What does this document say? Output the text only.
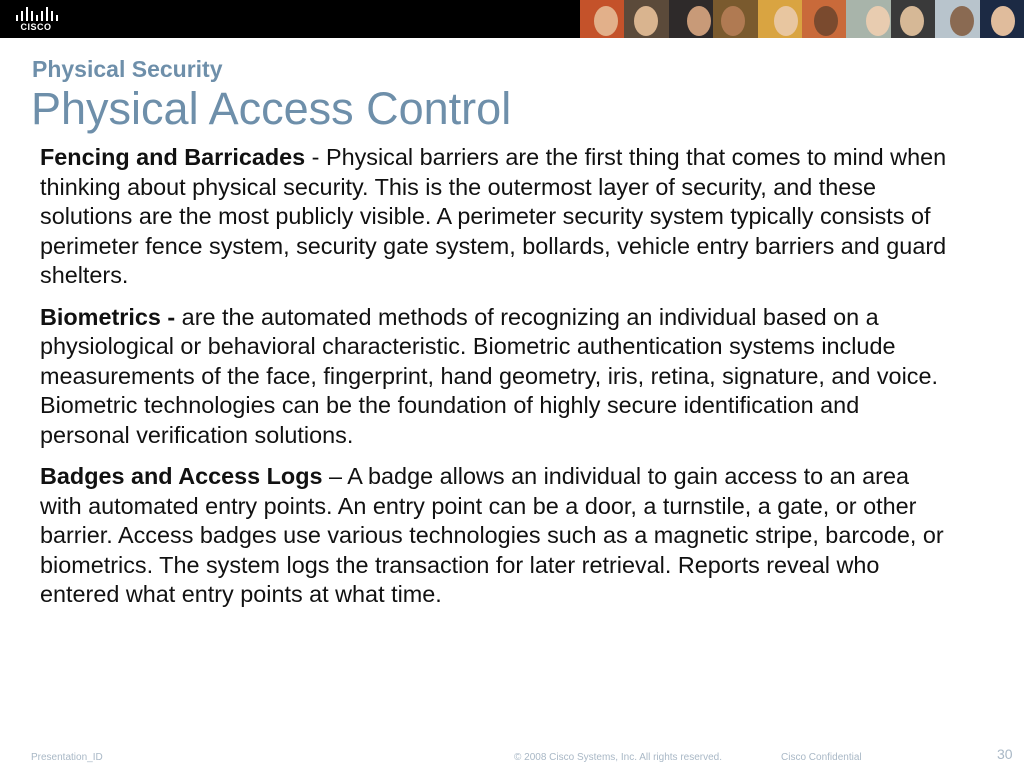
CISCO
Physical Security
Physical Access Control

Fencing and Barricades - Physical barriers are the first thing that comes to mind when thinking about physical security. This is the outermost layer of security, and these solutions are the most publicly visible. A perimeter security system typically consists of perimeter fence system, security gate system, bollards, vehicle entry barriers and guard shelters.

Biometrics - are the automated methods of recognizing an individual based on a physiological or behavioral characteristic. Biometric authentication systems include measurements of the face, fingerprint, hand geometry, iris, retina, signature, and voice. Biometric technologies can be the foundation of highly secure identification and personal verification solutions.

Badges and Access Logs – A badge allows an individual to gain access to an area with automated entry points. An entry point can be a door, a turnstile, a gate, or other barrier. Access badges use various technologies such as a magnetic stripe, barcode, or biometrics. The system logs the transaction for later retrieval. Reports reveal who entered what entry points at what time.

Presentation_ID	© 2008 Cisco Systems, Inc. All rights reserved.	Cisco Confidential	30
